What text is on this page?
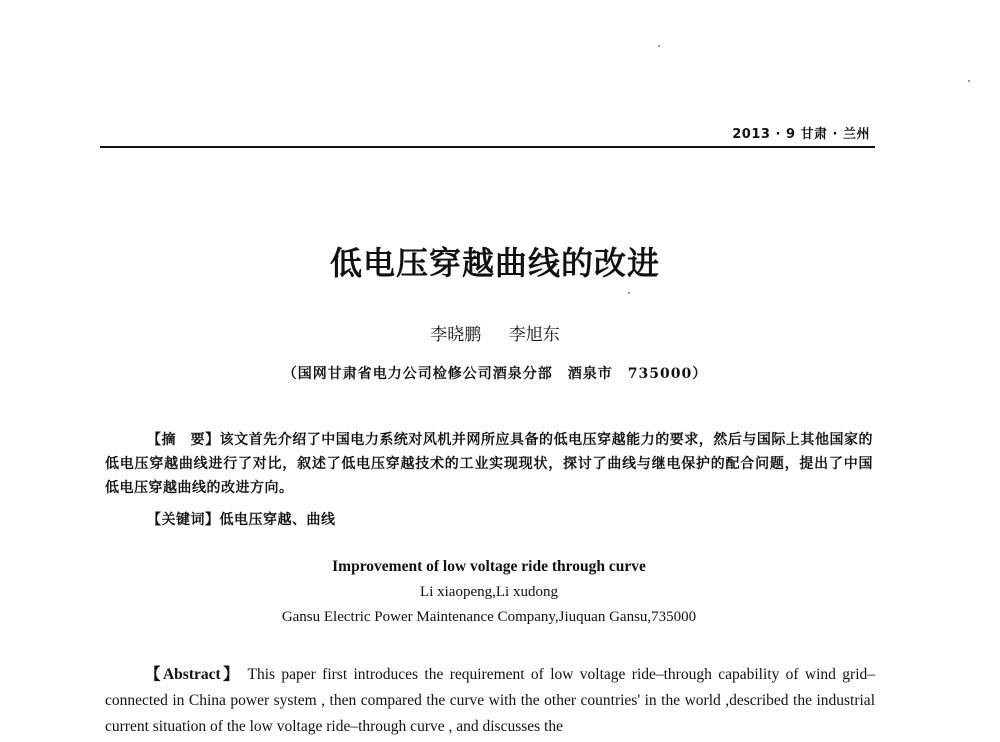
2013 · 9 甘肃 · 兰州
低电压穿越曲线的改进
李晓鹏 李旭东
（国网甘肃省电力公司检修公司酒泉分部　酒泉市　735000）
【摘　要】该文首先介绍了中国电力系统对风机并网所应具备的低电压穿越能力的要求，然后与国际上其他国家的低电压穿越曲线进行了对比，叙述了低电压穿越技术的工业实现现状，探讨了曲线与继电保护的配合问题，提出了中国低电压穿越曲线的改进方向。
【关键词】低电压穿越、曲线
Improvement of low voltage ride through curve
Li xiaopeng,Li xudong
Gansu Electric Power Maintenance Company,Jiuquan Gansu,735000
【Abstract】 This paper first introduces the requirement of low voltage ride–through capability of wind grid–connected in China power system , then compared the curve with the other countries' in the world ,described the industrial current situation of the low voltage ride–through curve , and discusses the
